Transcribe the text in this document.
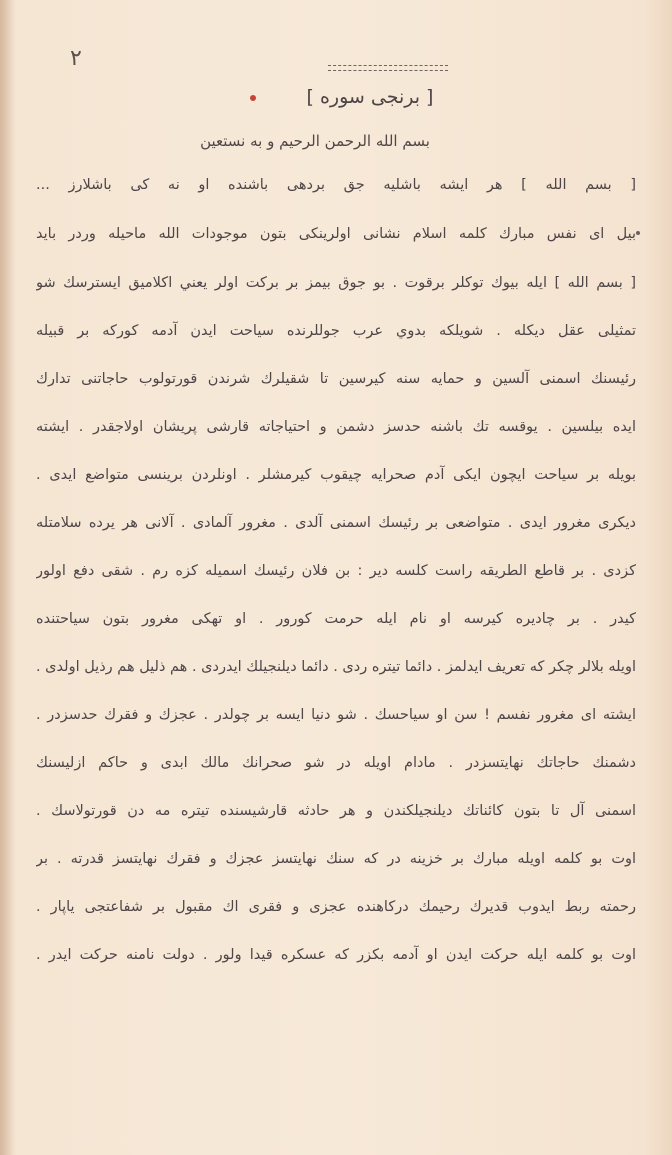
٢
[ برنجی سوره ]
بسم الله الرحمن الرحيم و به نستعين
[ بسم الله ] هر ایشه باشلیه جق بردهی باشنده او نه کی باشلارز ...
بیل ای نفس مبارك كلمه اسلام نشانی اولرینکی بتون موجودات الله ماحیله وردر باید
[ بسم الله ] ایله بیوك توكلر برقوت . بو جوق بيمز بر بركت اولر يعني اكلاميق ايسترسك شو
تمثیلی عقل دیکله . شويلكه بدوي عرب جوللرنده سیاحت ایدن آدمه كوركه بر قبیله
رئیسنك اسمنی آلسین و حمایه سنه كیرسین تا شقيلرك شرندن قورتولوب حاجاتنی تدارك
ایده بیلسین . یوقسه تك باشنه حدسز دشمن و احتياجاته قارشی پریشان اولاجقدر . ایشته
بویله بر سیاحت ایچون ایكی آدم صحرایه چیقوب كیرمشلر . اونلردن برينسی متواضع ایدی .
دیكری مغرور ایدی . متواضعی بر رئيسك اسمنی آلدی . مغرور آلمادی . آلانی هر یرده سلامتله
كزدی . بر قاطع الطريقه راست كلسه دیر : بن فلان رئيسك اسميله كزه رم . شقی دفع اولور
كیدر . بر چادیره كیرسه او نام ایله حرمت كورور . او تهكی مغرور بتون سیاحتنده
اویله بلالر چكر كه تعریف ایدلمز . دائما تیتره ردی . دائما دیلنجیلك ایدردی . هم ذلیل هم رذیل اولدی .
ایشته ای مغرور نفسم ! سن او سیاحسك . شو دنیا ایسه بر چولدر . عجزك و فقرك حدسزدر .
دشمنك حاجاتك نهایتسزدر . مادام اویله در شو صحرانك مالك ابدی و حاكم ازلیسنك
اسمنی آل تا بتون كائناتك دیلنجیلكندن و هر حادثه قارشیسنده تیتره مه دن قورتولاسك .
اوت بو كلمه اویله مبارك بر خزینه در كه سنك نهایتسز عجزك و فقرك نهایتسز قدرته . بر
رحمته ربط ایدوب قدیرك رحیمك دركاهنده عجزی و فقری اك مقبول بر شفاعتجی یاپار .
اوت بو كلمه ایله حركت ایدن او آدمه بكزر كه عسكره قیدا ولور . دولت نامنه حركت ایدر .
